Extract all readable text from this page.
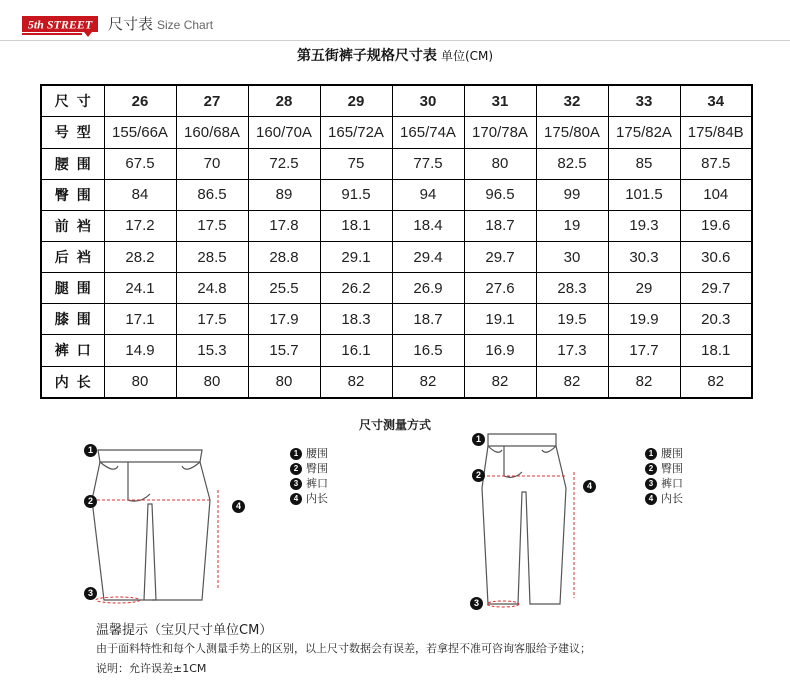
5th STREET 尺寸表 Size Chart
第五街裤子规格尺寸表 单位(CM)
尺寸	26	27	28	29	30	31	32	33	34
号型	155/66A	160/68A	160/70A	165/72A	165/74A	170/78A	175/80A	175/82A	175/84B
腰围	67.5	70	72.5	75	77.5	80	82.5	85	87.5
臀围	84	86.5	89	91.5	94	96.5	99	101.5	104
前裆	17.2	17.5	17.8	18.1	18.4	18.7	19	19.3	19.6
后裆	28.2	28.5	28.8	29.1	29.4	29.7	30	30.3	30.6
腿围	24.1	24.8	25.5	26.2	26.9	27.6	28.3	29	29.7
膝围	17.1	17.5	17.9	18.3	18.7	19.1	19.5	19.9	20.3
裤口	14.9	15.3	15.7	16.1	16.5	16.9	17.3	17.7	18.1
内长	80	80	80	82	82	82	82	82	82
尺寸测量方式
1
2
3
4
1 腰围
2 臀围
3 裤口
4 内长
1
2
3
4
1 腰围
2 臀围
3 裤口
4 内长
温馨提示（宝贝尺寸单位CM）
由于面料特性和每个人测量手势上的区别，以上尺寸数据会有误差，若拿捏不准可咨询客服给予建议；
说明：允许误差±1CM
